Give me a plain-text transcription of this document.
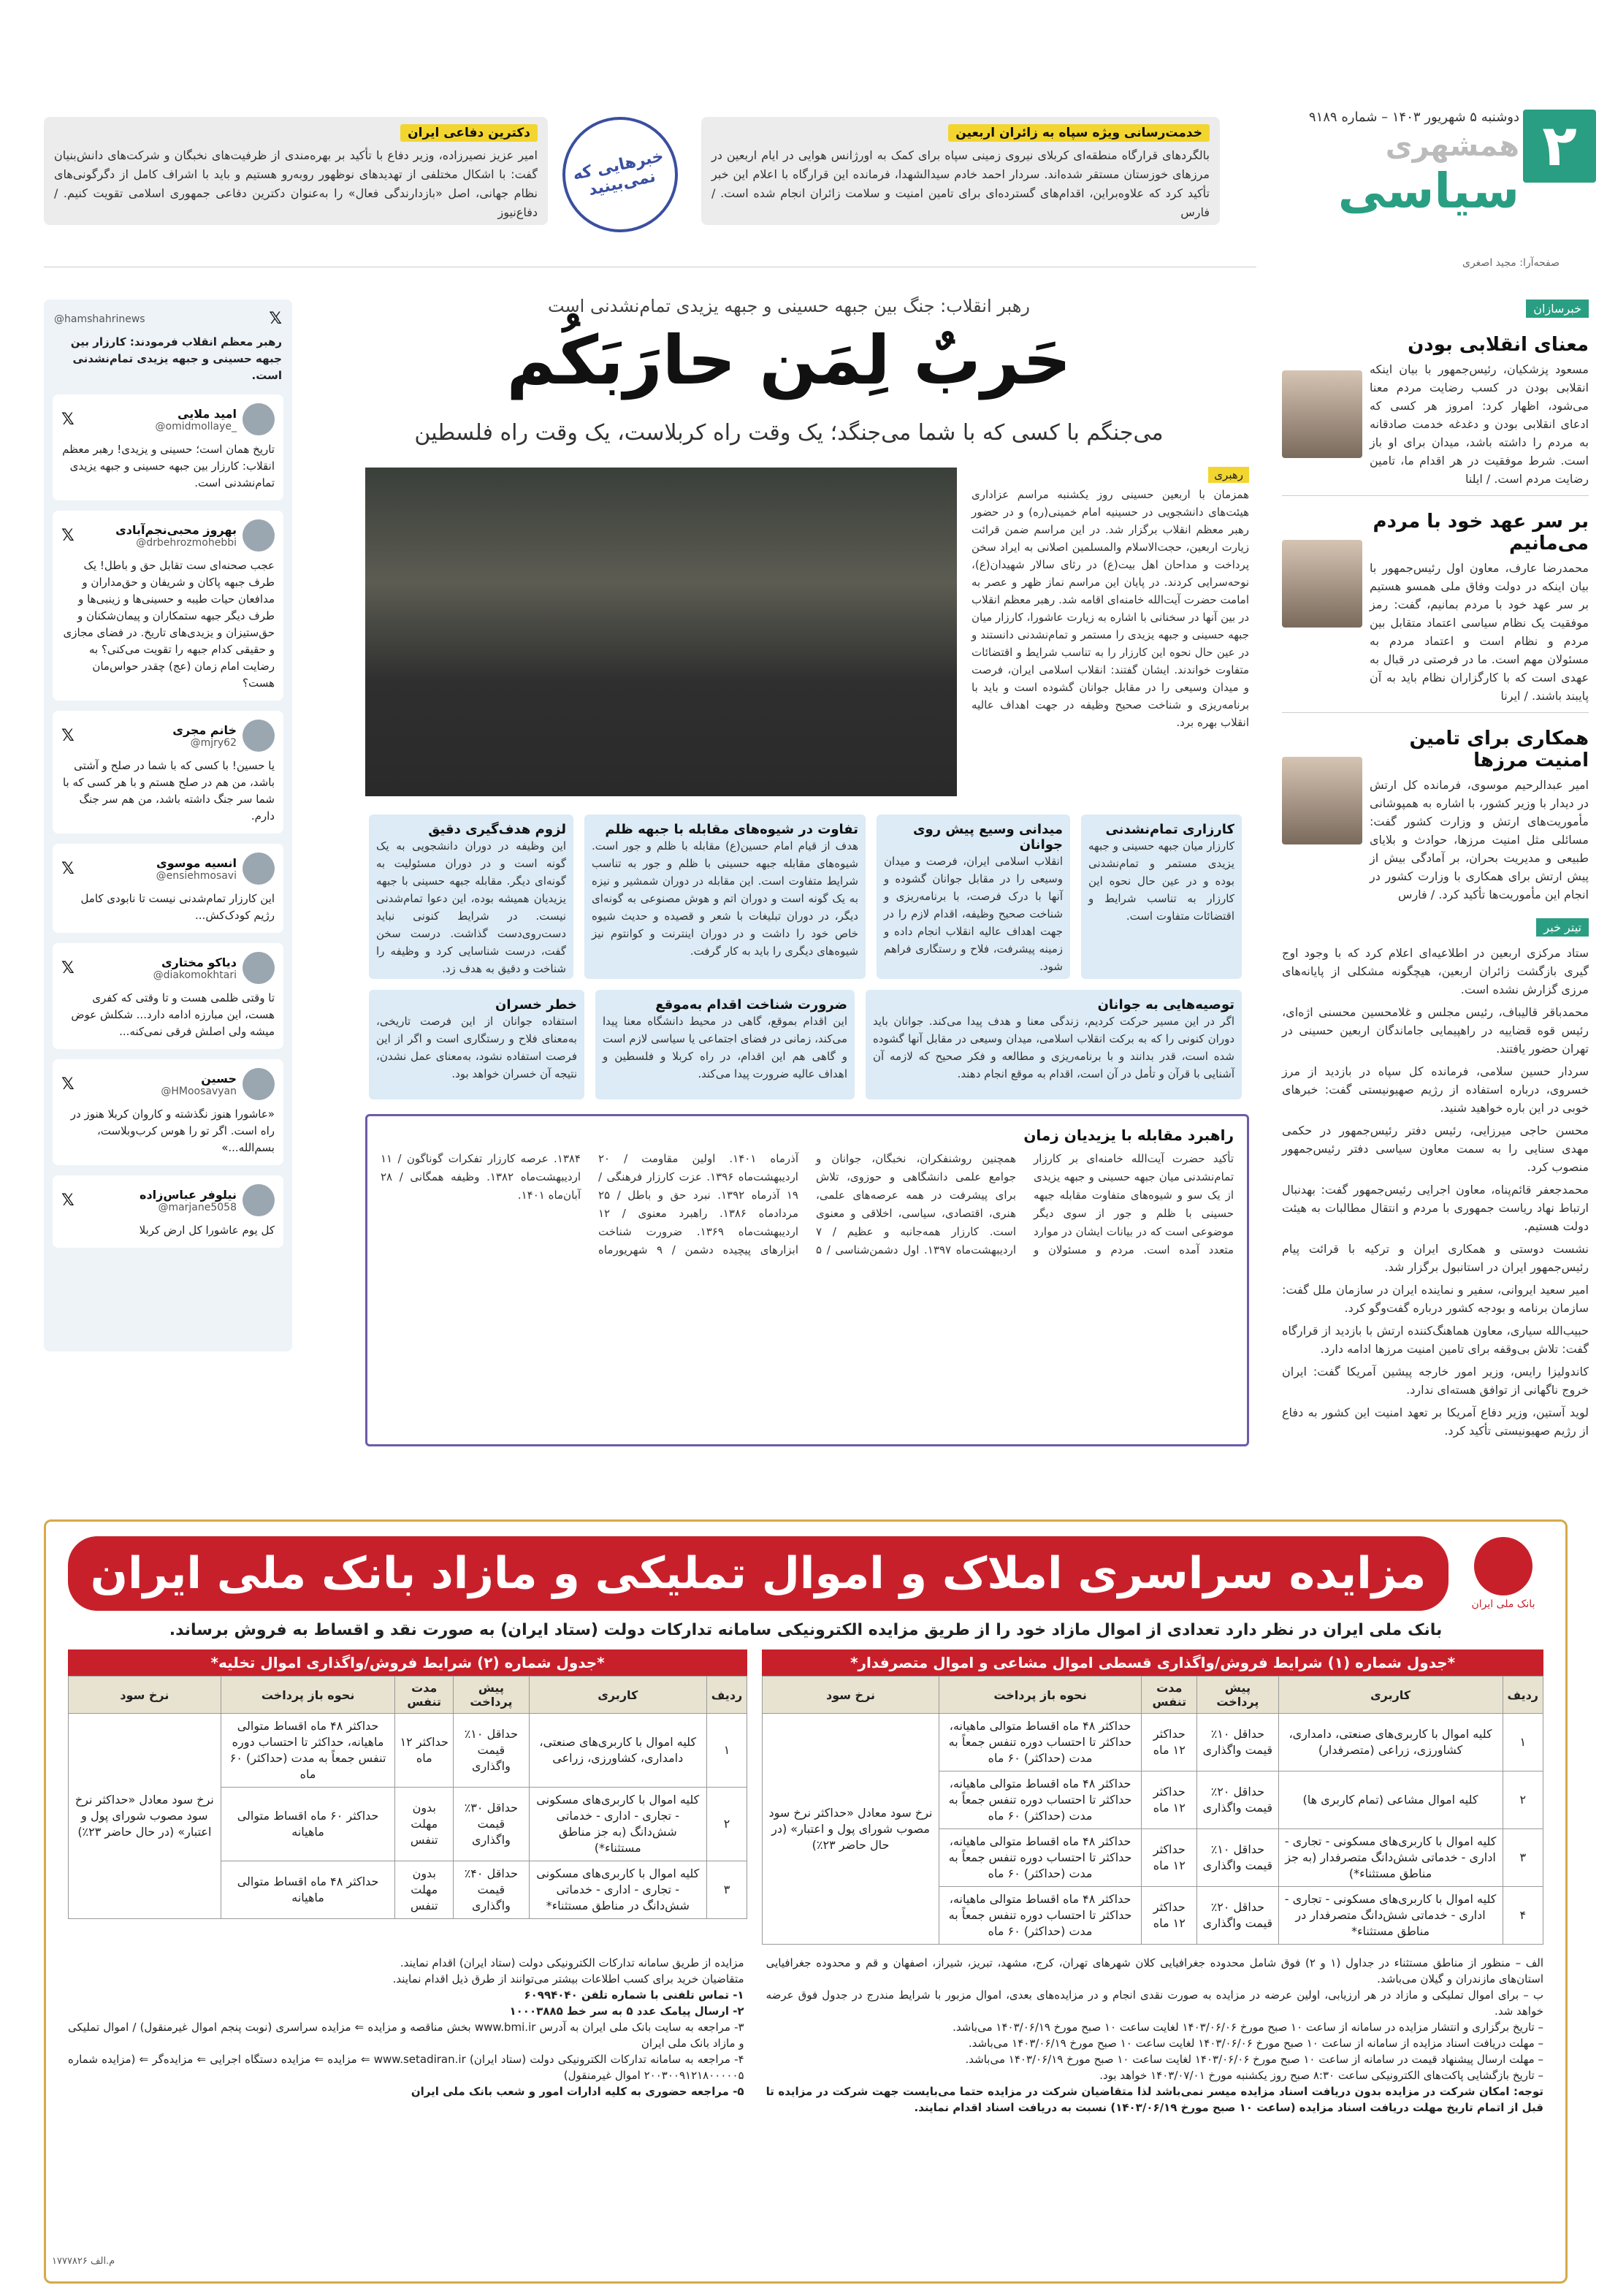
۲
دوشنبه ۵ شهریور ۱۴۰۳ – شماره ۹۱۸۹
همشهری
سیاسی
خدمت‌رسانی ویژه سپاه به زائران اربعین
بالگردهای قرارگاه منطقه‌ای کربلای نیروی زمینی سپاه برای کمک به اورژانس هوایی در ایام اربعین در مرزهای خوزستان مستقر شده‌اند. سردار احمد خادم سیدالشهدا، فرمانده این قرارگاه با اعلام این خبر تأکید کرد که علاوه‌براین، اقدام‌های گسترده‌ای برای تامین امنیت و سلامت زائران انجام شده است. / فارس
خبرهایی که نمی‌بینید
دکترین دفاعی ایران
امیر عزیز نصیرزاده، وزیر دفاع با تأکید بر بهره‌مندی از ظرفیت‌های نخبگان و شرکت‌های دانش‌بنیان گفت: با اشکال مختلفی از تهدیدهای نوظهور روبه‌رو هستیم و باید با اشراف کامل از دگرگونی‌های نظام جهانی، اصل «بازدارندگی فعال» را به‌عنوان دکترین دفاعی جمهوری اسلامی تقویت کنیم. / دفاع‌نیوز
صفحه‌آرا: مجید اصغری
خبرسازان
معنای انقلابی بودن
مسعود پزشکیان، رئیس‌جمهور با بیان اینکه انقلابی بودن در کسب رضایت مردم معنا می‌شود، اظهار کرد: امروز هر کسی که ادعای انقلابی بودن و دغدغه خدمت صادقانه به مردم را داشته باشد، میدان برای او باز است. شرط موفقیت در هر اقدام ما، تامین رضایت مردم است. / ایلنا
بر سر عهد خود با مردم می‌مانیم
محمدرضا عارف، معاون اول رئیس‌جمهور با بیان اینکه در دولت وفاق ملی همسو هستیم بر سر عهد خود با مردم بمانیم، گفت: رمز موفقیت یک نظام سیاسی اعتماد متقابل بین مردم و نظام است و اعتماد مردم به مسئولان مهم است. ما در فرصتی در قبال به عهدی است که با کارگزاران نظام باید به آن پایبند باشند. / ایرنا
همکاری برای تامین امنیت مرزها
امیر عبدالرحیم موسوی، فرمانده کل ارتش در دیدار با وزیر کشور، با اشاره به همپوشانی مأموریت‌های ارتش و وزارت کشور گفت: مسائلی مثل امنیت مرزها، حوادث و بلایای طبیعی و مدیریت بحران، بر آمادگی بیش از پیش ارتش برای همکاری با وزارت کشور در انجام این مأموریت‌ها تأکید کرد. / فارس
تیتر خبر
ستاد مرکزی اربعین در اطلاعیه‌ای اعلام کرد که با وجود اوج گیری بازگشت زائران اربعین، هیچگونه مشکلی از پایانه‌های مرزی گزارش نشده است.
محمدباقر قالیباف، رئیس مجلس و غلامحسین محسنی اژه‌ای، رئیس قوه قضاییه در راهپیمایی جاماندگان اربعین حسینی در تهران حضور یافتند.
سردار حسین سلامی، فرمانده کل سپاه در بازدید از مرز خسروی، درباره استفاده از رژیم صهیونیستی گفت: خبرهای خوبی در این باره خواهید شنید.
محسن حاجی میرزایی، رئیس دفتر رئیس‌جمهور در حکمی مهدی سنایی را به سمت معاون سیاسی دفتر رئیس‌جمهور منصوب کرد.
محمدجعفر قائم‌پناه، معاون اجرایی رئیس‌جمهور گفت: بهدنبال ارتباط نهاد ریاست جمهوری با مردم و انتقال مطالبات به هیئت دولت هستیم.
نشست دوستی و همکاری ایران و ترکیه با قرائت پیام رئیس‌جمهور ایران در استانبول برگزار شد.
امیر سعید ایروانی، سفیر و نماینده ایران در سازمان ملل گفت: سازمان برنامه و بودجه کشور درباره گفت‌وگو کرد.
حبیب‌الله سیاری، معاون هماهنگ‌کننده ارتش با بازدید از قرارگاه گفت: تلاش بی‌وقفه برای تامین امنیت مرزها ادامه دارد.
کاندولیزا رایس، وزیر امور خارجه پیشین آمریکا گفت: ایران خروج ناگهانی از توافق هسته‌ای ندارد.
لوید آستین، وزیر دفاع آمریکا بر تعهد امنیت این کشور به دفاع از رژیم صهیونیستی تأکید کرد.
رهبر انقلاب: جنگ بین جبهه حسینی و جبهه یزیدی تمام‌نشدنی است
حَربٌ لِمَن حارَبَکُم
می‌جنگم با کسی که با شما می‌جنگد؛ یک وقت راه کربلاست، یک وقت راه فلسطین
رهبری
همزمان با اربعین حسینی روز یکشنبه مراسم عزاداری هیئت‌های دانشجویی در حسینیه امام خمینی(ره) و در حضور رهبر معظم انقلاب برگزار شد. در این مراسم ضمن قرائت زیارت اربعین، حجت‌الاسلام والمسلمین اصلانی به ایراد سخن پرداخت و مداحان اهل بیت(ع) در رثای سالار شهیدان(ع)، نوحه‌سرایی کردند. در پایان این مراسم نماز ظهر و عصر به امامت حضرت آیت‌الله خامنه‌ای اقامه شد. رهبر معظم انقلاب در بین آنها در سخنانی با اشاره به زیارت عاشورا، کارزار میان جبهه حسینی و جبهه یزیدی را مستمر و تمام‌نشدنی دانستند و در عین حال نحوه این کارزار را به تناسب شرایط و اقتضائات متفاوت خواندند. ایشان گفتند: انقلاب اسلامی ایران، فرصت و میدان وسیعی را در مقابل جوانان گشوده است و باید با برنامه‌ریزی و شناخت صحیح وظیفه در جهت اهداف عالیه انقلاب بهره برد.
کارزاری تمام‌نشدنی
کارزار میان جبهه حسینی و جبهه یزیدی مستمر و تمام‌نشدنی بوده و در عین حال نحوه این کارزار به تناسب شرایط و اقتضائات متفاوت است.
میدانی وسیع پیش روی جوانان
انقلاب اسلامی ایران، فرصت و میدان وسیعی را در مقابل جوانان گشوده و آنها با درک فرصت، با برنامه‌ریزی و شناخت صحیح وظیفه، اقدام لازم را در جهت اهداف عالیه انقلاب انجام داده و زمینه پیشرفت، فلاح و رستگاری فراهم شود.
تفاوت در شیوه‌های مقابله با جبهه ظلم
هدف از قیام امام حسین(ع) مقابله با ظلم و جور است. شیوه‌های مقابله جبهه حسینی با ظلم و جور به تناسب شرایط متفاوت است. این مقابله در دوران شمشیر و نیزه به یک گونه است و دوران اتم و هوش مصنوعی به گونه‌ای دیگر، در دوران تبلیغات با شعر و قصیده و حدیث شیوه خاص خود را داشت و در دوران اینترنت و کوانتوم نیز شیوه‌های دیگری را باید به کار گرفت.
لزوم هدف‌گیری دقیق
این وظیفه در دوران دانشجویی به یک گونه است و در دوران مسئولیت به گونه‌ای دیگر. مقابله جبهه حسینی با جبهه یزیدیان همیشه بوده، این دعوا تمام‌شدنی نیست. در شرایط کنونی نباید دست‌روی‌دست گذاشت. درست سخن گفت، درست شناسایی کرد و وظیفه را شناخت و دقیق به هدف زد.
توصیه‌هایی به جوانان
اگر در این مسیر حرکت کردیم، زندگی معنا و هدف پیدا می‌کند. جوانان باید دوران کنونی را که به برکت انقلاب اسلامی، میدان وسیعی در مقابل آنها گشوده شده است، قدر بدانند و با برنامه‌ریزی و مطالعه و فکر صحیح که لازمه آن آشنایی با قرآن و تأمل در آن است، اقدام به موقع انجام دهند.
ضرورت شناخت اقدام به‌موقع
این اقدام بموقع، گاهی در محیط دانشگاه معنا پیدا می‌کند، زمانی در فضای اجتماعی یا سیاسی لازم است و گاهی هم این اقدام، در راه کربلا و فلسطین و اهداف عالیه ضرورت پیدا می‌کند.
خطر خسران
استفاده جوانان از این فرصت تاریخی، به‌معنای فلاح و رستگاری است و اگر از این فرصت استفاده نشود، به‌معنای عمل نشدن، نتیجه آن خسران خواهد بود.
راهبرد مقابله با یزیدیان زمان
تأکید حضرت آیت‌الله خامنه‌ای بر کارزار تمام‌نشدنی میان جبهه حسینی و جبهه یزیدی از یک سو و شیوه‌های متفاوت مقابله جبهه حسینی با ظلم و جور از سوی دیگر موضوعی است که در بیانات ایشان در موارد متعدد آمده است. مردم و مسئولان و همچنین روشنفکران، نخبگان، جوانان و جوامع علمی دانشگاهی و حوزوی، تلاش برای پیشرفت در همه عرصه‌های علمی، هنری، اقتصادی، سیاسی، اخلاقی و معنوی است. کارزار همه‌جانبه و عظیم / ۷ اردیبهشت‌ماه ۱۳۹۷. اول دشمن‌شناسی / ۵ آذرماه ۱۴۰۱. اولین مقاومت / ۲۰ اردیبهشت‌ماه ۱۳۹۶. عزت کارزار فرهنگی / ۱۹ آذرماه ۱۳۹۲. نبرد حق و باطل / ۲۵ مردادماه ۱۳۸۶. راهبرد معنوی / ۱۲ اردیبهشت‌ماه ۱۳۶۹. ضرورت شناخت ابزارهای پیچیده دشمن / ۹ شهریورماه ۱۳۸۴. عرصه کارزار تفکرات گوناگون / ۱۱ اردیبهشت‌ماه ۱۳۸۲. وظیفه همگانی / ۲۸ آبان‌ماه ۱۴۰۱.
𝕏
@hamshahrinews
رهبر معظم انقلاب فرمودند: کارزار بین جبهه حسینی و جبهه یزیدی تمام‌نشدنی است.
امید ملایی
@omidmollaye_
𝕏
تاریخ همان است؛ حسینی و یزیدی! رهبر معظم انقلاب: کارزار بین جبهه حسینی و جبهه یزیدی تمام‌نشدنی است.
بهروز محبی‌نجم‌آبادی
@drbehrozmohebbi
𝕏
عجب صحنه‌ای ست تقابل حق و باطل! یک طرف جبهه پاکان و شریفان و حق‌مداران و مدافعان حیات طیبه و حسینی‌ها و زینبی‌ها و طرف دیگر جبهه ستمکاران و پیمان‌شکنان و حق‌ستیزان و یزیدی‌های تاریخ. در فضای مجازی و حقیقی کدام جبهه را تقویت می‌کنی؟ به رضایت امام زمان (عج) چقدر حواس‌مان هست؟
خانم مجری
@mjry62
𝕏
یا حسین! با کسی که با شما در صلح و آشتی باشد، من هم در صلح هستم و با هر کسی که با شما سر جنگ داشته باشد، من هم سر جنگ دارم.
انسیه موسوی
@ensiehmosavi
𝕏
این کارزار تمام‌شدنی نیست تا نابودی کامل رژیم کودک‌کش...
دیاکو مختاری
@diakomokhtari
𝕏
تا وقتی ظلمی هست و تا وقتی که کفری هست، این مبارزه ادامه دارد... شکلش عوض میشه ولی اصلش فرقی نمی‌کنه...
حسین
@HMoosavyan
𝕏
«عاشورا هنوز نگذشته و کاروان کربلا هنوز در راه است. اگر تو را هوس کرب‌وبلاست، بسم‌الله...»
نیلوفر عباس‌زاده
@marjane5058
𝕏
کل یوم عاشورا کل ارض کربلا
بانک ملی ایران
مزایده سراسری املاک و اموال تملیکی و مازاد بانک ملی ایران
بانک ملی ایران در نظر دارد تعدادی از اموال مازاد خود را از طریق مزایده الکترونیکی سامانه تدارکات دولت (ستاد ایران) به صورت نقد و اقساط به فروش برساند.
*جدول شماره (۱) شرایط فروش/واگذاری قسطی اموال مشاعی و اموال متصرفدار*
ردیف	کاربری	پیش پرداخت	مدت تنفس	نحوه باز پرداخت	نرخ سود
۱	کلیه اموال با کاربری‌های صنعتی، دامداری، کشاورزی، زراعی (متصرفدار)	حداقل ۱۰٪ قیمت واگذاری	حداکثر ۱۲ ماه	حداکثر ۴۸ ماه اقساط متوالی ماهیانه، حداکثر تا احتساب دوره تنفس جمعاً به مدت (حداکثر) ۶۰ ماه	نرخ سود معادل «حداکثر نرخ سود مصوب شورای پول و اعتبار» (در حال حاضر ۲۳٪)
۲	کلیه اموال مشاعی (تمام کاربری ها)	حداقل ۲۰٪ قیمت واگذاری	حداکثر ۱۲ ماه	حداکثر ۴۸ ماه اقساط متوالی ماهیانه، حداکثر تا احتساب دوره تنفس جمعاً به مدت (حداکثر) ۶۰ ماه	
۳	کلیه اموال با کاربری‌های مسکونی - تجاری - اداری - خدماتی شش‌دانگ متصرفدار (به جز مناطق مستثناء*)	حداقل ۱۰٪ قیمت واگذاری	حداکثر ۱۲ ماه	حداکثر ۴۸ ماه اقساط متوالی ماهیانه، حداکثر تا احتساب دوره تنفس جمعاً به مدت (حداکثر) ۶۰ ماه	
۴	کلیه اموال با کاربری‌های مسکونی - تجاری - اداری - خدماتی شش‌دانگ متصرفدار در مناطق مستثناء*	حداقل ۲۰٪ قیمت واگذاری	حداکثر ۱۲ ماه	حداکثر ۴۸ ماه اقساط متوالی ماهیانه، حداکثر تا احتساب دوره تنفس جمعاً به مدت (حداکثر) ۶۰ ماه	
*جدول شماره (۲) شرایط فروش/واگذاری اموال تخلیه*
ردیف	کاربری	پیش پرداخت	مدت تنفس	نحوه باز پرداخت	نرخ سود
۱	کلیه اموال با کاربری‌های صنعتی، دامداری، کشاورزی، زراعی	حداقل ۱۰٪ قیمت واگذاری	حداکثر ۱۲ ماه	حداکثر ۴۸ ماه اقساط متوالی ماهیانه، حداکثر تا احتساب دوره تنفس جمعاً به مدت (حداکثر) ۶۰ ماه	نرخ سود معادل «حداکثر نرخ سود مصوب شورای پول و اعتبار» (در حال حاضر ۲۳٪)
۲	کلیه اموال با کاربری‌های مسکونی - تجاری - اداری - خدماتی شش‌دانگ (به جز مناطق مستثناء*)	حداقل ۳۰٪ قیمت واگذاری	بدون مهلت تنفس	حداکثر ۶۰ ماه اقساط متوالی ماهیانه	
۳	کلیه اموال با کاربری‌های مسکونی - تجاری - اداری - خدماتی شش‌دانگ در مناطق مستثناء*	حداقل ۴۰٪ قیمت واگذاری	بدون مهلت تنفس	حداکثر ۴۸ ماه اقساط متوالی ماهیانه	
الف – منظور از مناطق مستثناء در جداول (۱ و ۲) فوق شامل محدوده جغرافیایی کلان شهرهای تهران، کرج، مشهد، تبریز، شیراز، اصفهان و قم و محدوده جغرافیایی استان‌های مازندران و گیلان می‌باشد.
ب – برای اموال تملیکی و مازاد در هر ارزیابی، اولین عرضه در مزایده به صورت نقدی انجام و در مزایده‌های بعدی، اموال مزبور با شرایط مندرج در جدول فوق عرضه خواهد شد.
– تاریخ برگزاری و انتشار مزایده در سامانه از ساعت ۱۰ صبح مورخ ۱۴۰۳/۰۶/۰۶ لغایت ساعت ۱۰ صبح مورخ ۱۴۰۳/۰۶/۱۹ می‌باشد.
– مهلت دریافت اسناد مزایده از سامانه از ساعت ۱۰ صبح مورخ ۱۴۰۳/۰۶/۰۶ لغایت ساعت ۱۰ صبح مورخ ۱۴۰۳/۰۶/۱۹ می‌باشد.
– مهلت ارسال پیشنهاد قیمت در سامانه از ساعت ۱۰ صبح مورخ ۱۴۰۳/۰۶/۰۶ لغایت ساعت ۱۰ صبح مورخ ۱۴۰۳/۰۶/۱۹ می‌باشد.
– تاریخ بازگشایی پاکت‌های الکترونیکی ساعت ۸:۳۰ صبح روز یکشنبه مورخ ۱۴۰۳/۰۷/۰۱ خواهد بود.
توجه: امکان شرکت در مزایده بدون دریافت اسناد مزایده میسر نمی‌باشد لذا متقاضیان شرکت در مزایده حتما می‌بایست جهت شرکت در مزایده تا قبل از اتمام تاریخ مهلت دریافت اسناد مزایده (ساعت ۱۰ صبح مورخ ۱۴۰۳/۰۶/۱۹) نسبت به دریافت اسناد اقدام نمایند.
مزایده از طریق سامانه تدارکات الکترونیکی دولت (ستاد ایران) اقدام نمایند.
متقاضیان خرید برای کسب اطلاعات بیشتر می‌توانند از طرق ذیل اقدام نمایند.
۱- تماس تلفنی با شماره تلفن ۶۰۹۹۴۰۴۰
۲- ارسال پیامک عدد ۵ به سر خط ۱۰۰۰۳۸۸۵
۳- مراجعه به سایت بانک ملی ایران به آدرس www.bmi.ir بخش مناقصه و مزایده ⇐ مزایده سراسری (نوبت پنجم اموال غیرمنقول) / اموال تملیکی و مازاد بانک ملی ایران
۴- مراجعه به سامانه تدارکات الکترونیکی دولت (ستاد ایران) www.setadiran.ir ⇐ مزایده ⇐ مزایده دستگاه اجرایی ⇐ مزایده‌گر ⇐ (مزایده شماره ۲۰۰۳۰۰۹۱۲۱۸۰۰۰۰۰۵ اموال غیرمنقول)
۵- مراجعه حضوری به کلیه ادارات امور و شعب بانک ملی ایران
م.الف ۱۷۷۷۸۲۶
